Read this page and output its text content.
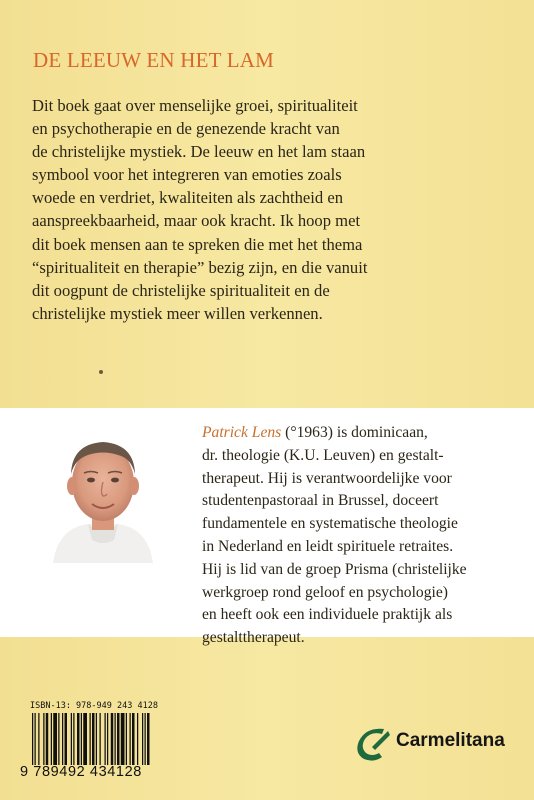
DE LEEUW EN HET LAM

Dit boek gaat over menselijke groei, spiritualiteit
en psychotherapie en de genezende kracht van
de christelijke mystiek. De leeuw en het lam staan
symbool voor het integreren van emoties zoals
woede en verdriet, kwaliteiten als zachtheid en
aanspreekbaarheid, maar ook kracht. Ik hoop met
dit boek mensen aan te spreken die met het thema
“spiritualiteit en therapie” bezig zijn, en die vanuit
dit oogpunt de christelijke spiritualiteit en de
christelijke mystiek meer willen verkennen.

Patrick Lens (°1963) is dominicaan,
dr. theologie (K.U. Leuven) en gestalt-
therapeut. Hij is verantwoordelijke voor
studentenpastoraal in Brussel, doceert
fundamentele en systematische theologie
in Nederland en leidt spirituele retraites.
Hij is lid van de groep Prisma (christelijke
werkgroep rond geloof en psychologie)
en heeft ook een individuele praktijk als
gestalttherapeut.

ISBN-13: 978-949 243 4128

9 789492 434128

Carmelitana
